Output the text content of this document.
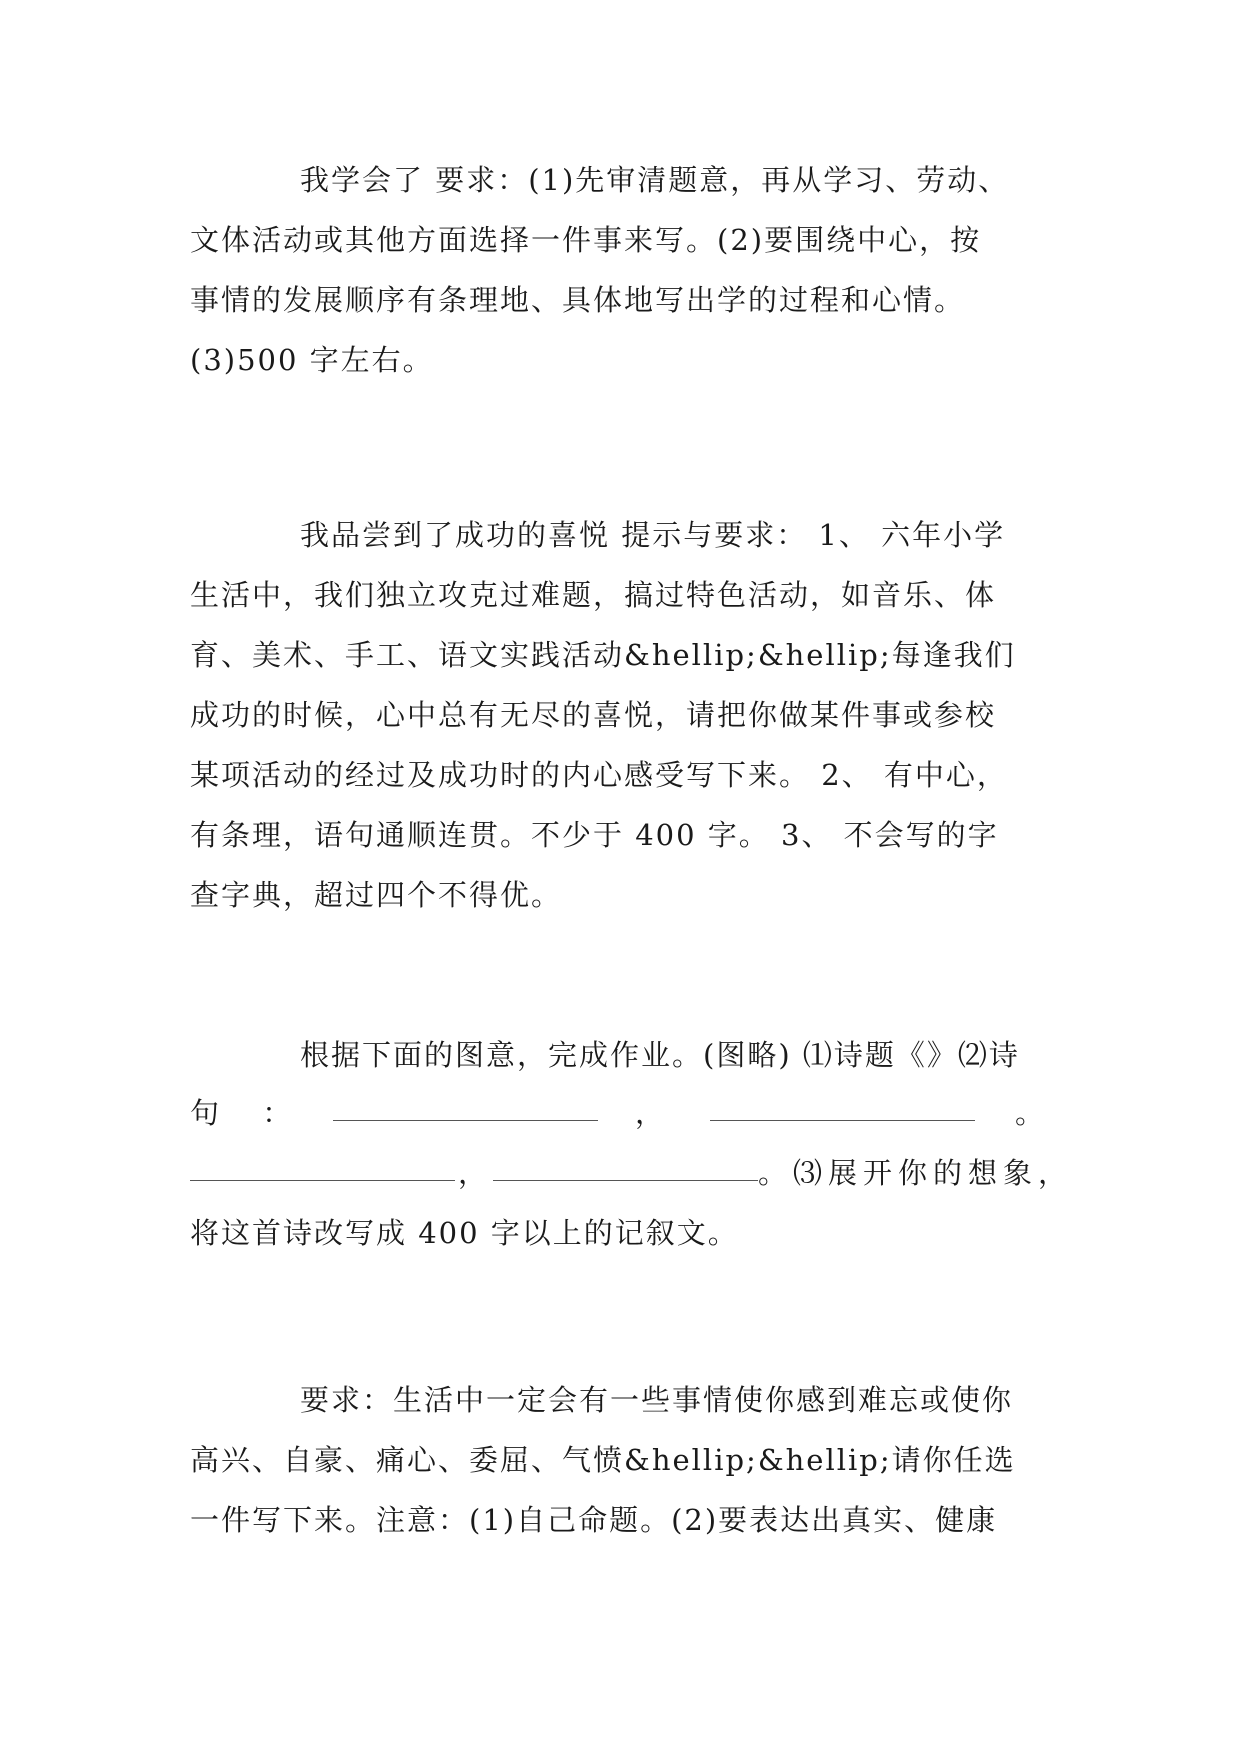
我学会了 要求：(1)先审清题意，再从学习、劳动、
文体活动或其他方面选择一件事来写。(2)要围绕中心，按
事情的发展顺序有条理地、具体地写出学的过程和心情。
(3)500 字左右。
我品尝到了成功的喜悦 提示与要求： 1、 六年小学
生活中，我们独立攻克过难题，搞过特色活动，如音乐、体
育、美术、手工、语文实践活动&hellip;&hellip;每逢我们
成功的时候，心中总有无尽的喜悦，请把你做某件事或参校
某项活动的经过及成功时的内心感受写下来。 2、 有中心，
有条理，语句通顺连贯。不少于 400 字。 3、 不会写的字
查字典，超过四个不得优。
根据下面的图意，完成作业。(图略) ⑴诗题《》⑵诗
句 ：	，	。
，	。⑶展开你的想象，
将这首诗改写成 400 字以上的记叙文。
要求：生活中一定会有一些事情使你感到难忘或使你
高兴、自豪、痛心、委屈、气愤&hellip;&hellip;请你任选
一件写下来。注意：(1)自己命题。(2)要表达出真实、健康
